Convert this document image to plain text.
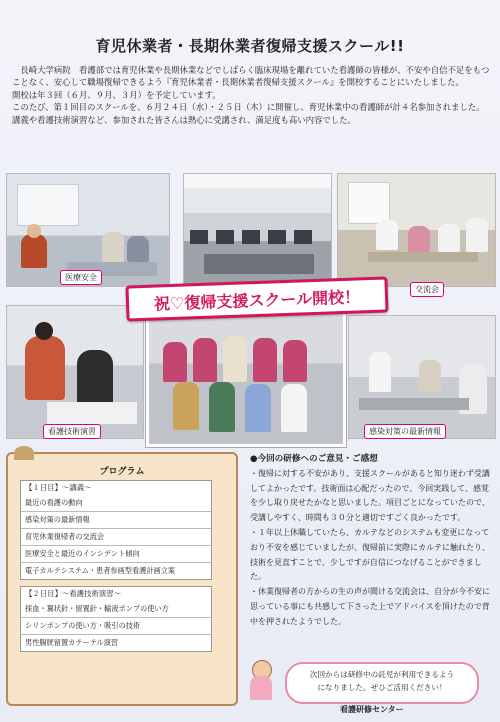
育児休業者・長期休業者復帰支援スクール!!

　長崎大学病院　看護部では育児休業や長期休業などでしばらく臨床現場を離れていた看護師の皆様が、不安や自信不足をもつことなく、安心して職場復帰できるよう『育児休業者・長期休業者復帰支援スクール』を開校することにいたしました。

開校は年３回（６月、９月、３月）を予定しています。

このたび、第１回目のスクールを、６月２４日（水）・２５日（木）に開催し、育児休業中の看護師が計４名参加されました。

講義や看護技術演習など、参加された皆さんは熱心に受講され、満足度も高い内容でした。

医療安全
交流会
看護技術演習	感染対策の最新情報
祝♡復帰支援スクール開校！
プログラム
【１日目】～講義～
最近の看護の動向
感染対策の最新情報
育児休業復帰者の交流会
医療安全と最近のインシデント傾向
電子カルテシステム・患者参画型看護計画立案
【２日目】～看護技術演習～
採血・翼状針・留置針・輸液ポンプの使い方
シリンポンプの使い方・吸引の技術
男性腸胱留置カテーテル演習
●今回の研修へのご意見・ご感想

・復帰に対する不安があり、支援スクールがあると知り迷わず受講してよかったです。技術面は心配だったので、今回実践して、感覚を少し取り戻せたかなと思いました。項目ごとになっていたので、受講しやすく、時間も３０分と適切ですごく良かったです。

・１年以上休職していたら、カルテなどのシステムも変更になっており不安を感じていましたが、復帰前に実際にカルテに触れたり、技術を見直すことで、少しですが自信につなげることができました。

・休業復帰者の方からの生の声が聞ける交流会は、自分が今不安に思っている事にも共感して下さった上でアドバイスを頂けたので背中を押されたようでした。

次回からは研修中の託児が利用できるよう
になりました。ぜひご活用ください！
看護研修センター
